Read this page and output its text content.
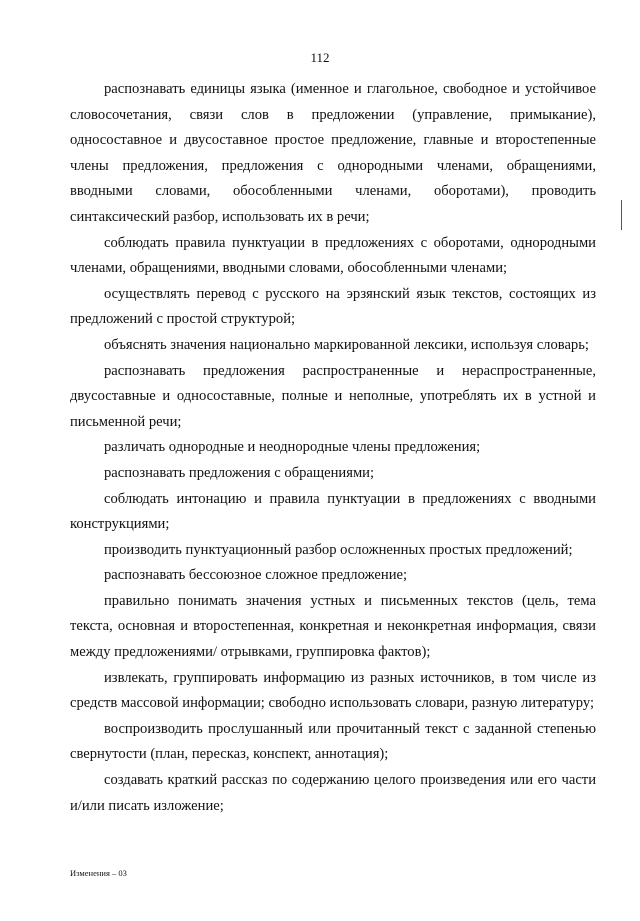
112

распознавать единицы языка (именное и глагольное, свободное и устойчивое словосочетания, связи слов в предложении (управление, примыкание), односоставное и двусоставное простое предложение, главные и второстепенные члены предложения, предложения с однородными членами, обращениями, вводными словами, обособленными членами, оборотами), проводить синтаксический разбор, использовать их в речи;

соблюдать правила пунктуации в предложениях с оборотами, однородными членами, обращениями, вводными словами, обособленными членами;

осуществлять перевод с русского на эрзянский язык текстов, состоящих из предложений с простой структурой;

объяснять значения национально маркированной лексики, используя словарь;

распознавать предложения распространенные и нераспространенные, двусоставные и односоставные, полные и неполные, употреблять их в устной и письменной речи;

различать однородные и неоднородные члены предложения;

распознавать предложения с обращениями;

соблюдать интонацию и правила пунктуации в предложениях с вводными конструкциями;

производить пунктуационный разбор осложненных простых предложений;

распознавать бессоюзное сложное предложение;

правильно понимать значения устных и письменных текстов (цель, тема текста, основная и второстепенная, конкретная и неконкретная информация, связи между предложениями/ отрывками, группировка фактов);

извлекать, группировать информацию из разных источников, в том числе из средств массовой информации; свободно использовать словари, разную литературу;

воспроизводить прослушанный или прочитанный текст с заданной степенью свернутости (план, пересказ, конспект, аннотация);

создавать краткий рассказ по содержанию целого произведения или его части и/или писать изложение;

Изменения – 03
